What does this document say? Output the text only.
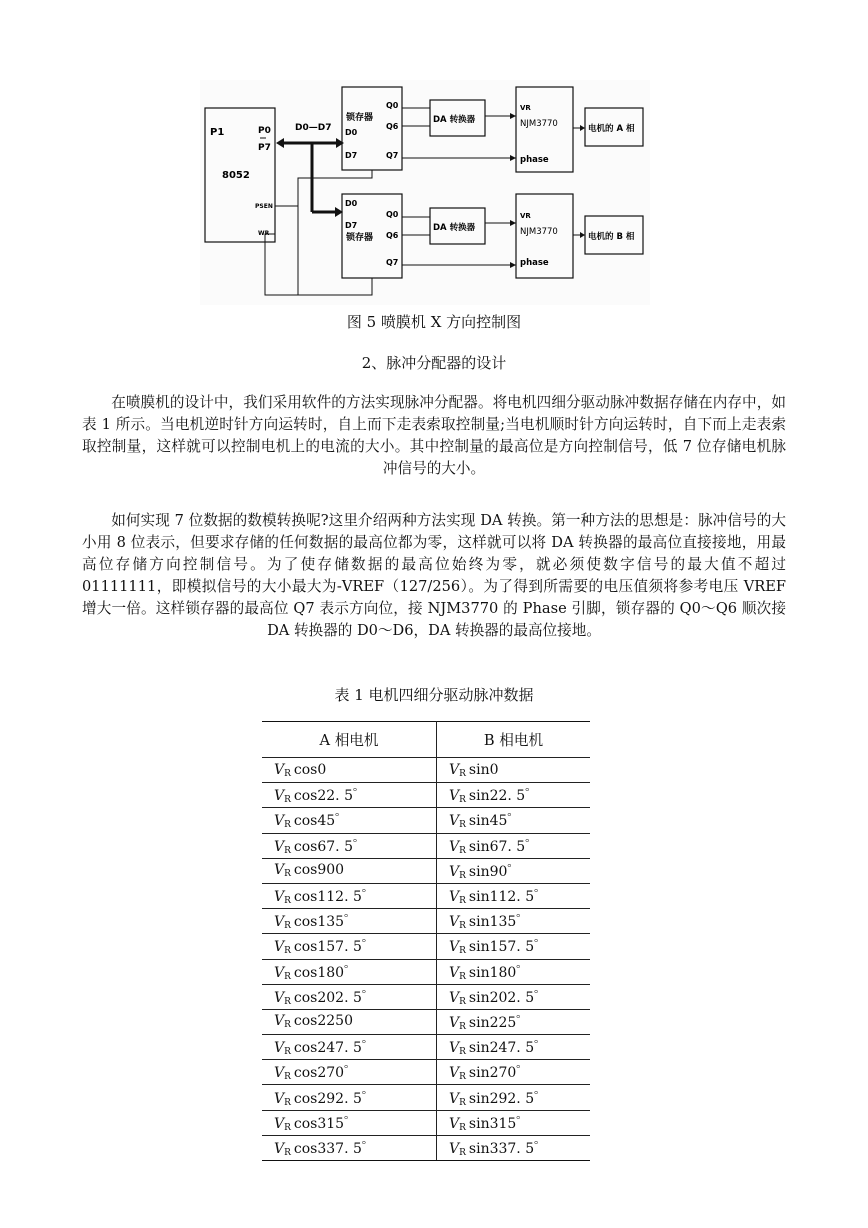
P1	P0
P7
8052
PSEN
WR
D0—D7
锁存器
D0
D7
Q0
Q6
Q7
D0
D7
锁存器
Q0
Q6
Q7
DA 转换器
DA 转换器
VR
NJM3770
phase
VR
NJM3770
phase
电机的 A 相
电机的 B 相
图 5 喷膜机 X 方向控制图
2、脉冲分配器的设计

在喷膜机的设计中，我们采用软件的方法实现脉冲分配器。将电机四细分驱动脉冲数据存储在内存中，如表 1 所示。当电机逆时针方向运转时，自上而下走表索取控制量;当电机顺时针方向运转时，自下而上走表索取控制量，这样就可以控制电机上的电流的大小。其中控制量的最高位是方向控制信号，低 7 位存储电机脉冲信号的大小。

如何实现 7 位数据的数模转换呢?这里介绍两种方法实现 DA 转换。第一种方法的思想是：脉冲信号的大小用 8 位表示，但要求存储的任何数据的最高位都为零，这样就可以将 DA 转换器的最高位直接接地，用最高位存储方向控制信号。为了使存储数据的最高位始终为零，就必须使数字信号的最大值不超过 01111111，即模拟信号的大小最大为-VREF（127/256）。为了得到所需要的电压值须将参考电压 VREF 增大一倍。这样锁存器的最高位 Q7 表示方向位，接 NJM3770 的 Phase 引脚，锁存器的 Q0～Q6 顺次接 DA 转换器的 D0～D6，DA 转换器的最高位接地。

表 1 电机四细分驱动脉冲数据
A 相电机	B 相电机
$V_R$ cos0	$V_R$ sin0
$V_R$ cos22. 5゜	$V_R$ sin22. 5゜
$V_R$ cos45゜	$V_R$ sin45゜
$V_R$ cos67. 5゜	$V_R$ sin67. 5゜
$V_R$ cos900	$V_R$ sin90゜
$V_R$ cos112. 5゜	$V_R$ sin112. 5゜
$V_R$ cos135゜	$V_R$ sin135゜
$V_R$ cos157. 5゜	$V_R$ sin157. 5゜
$V_R$ cos180゜	$V_R$ sin180゜
$V_R$ cos202. 5゜	$V_R$ sin202. 5゜
$V_R$ cos2250	$V_R$ sin225゜
$V_R$ cos247. 5゜	$V_R$ sin247. 5゜
$V_R$ cos270゜	$V_R$ sin270゜
$V_R$ cos292. 5゜	$V_R$ sin292. 5゜
$V_R$ cos315゜	$V_R$ sin315゜
$V_R$ cos337. 5゜	$V_R$ sin337. 5゜
